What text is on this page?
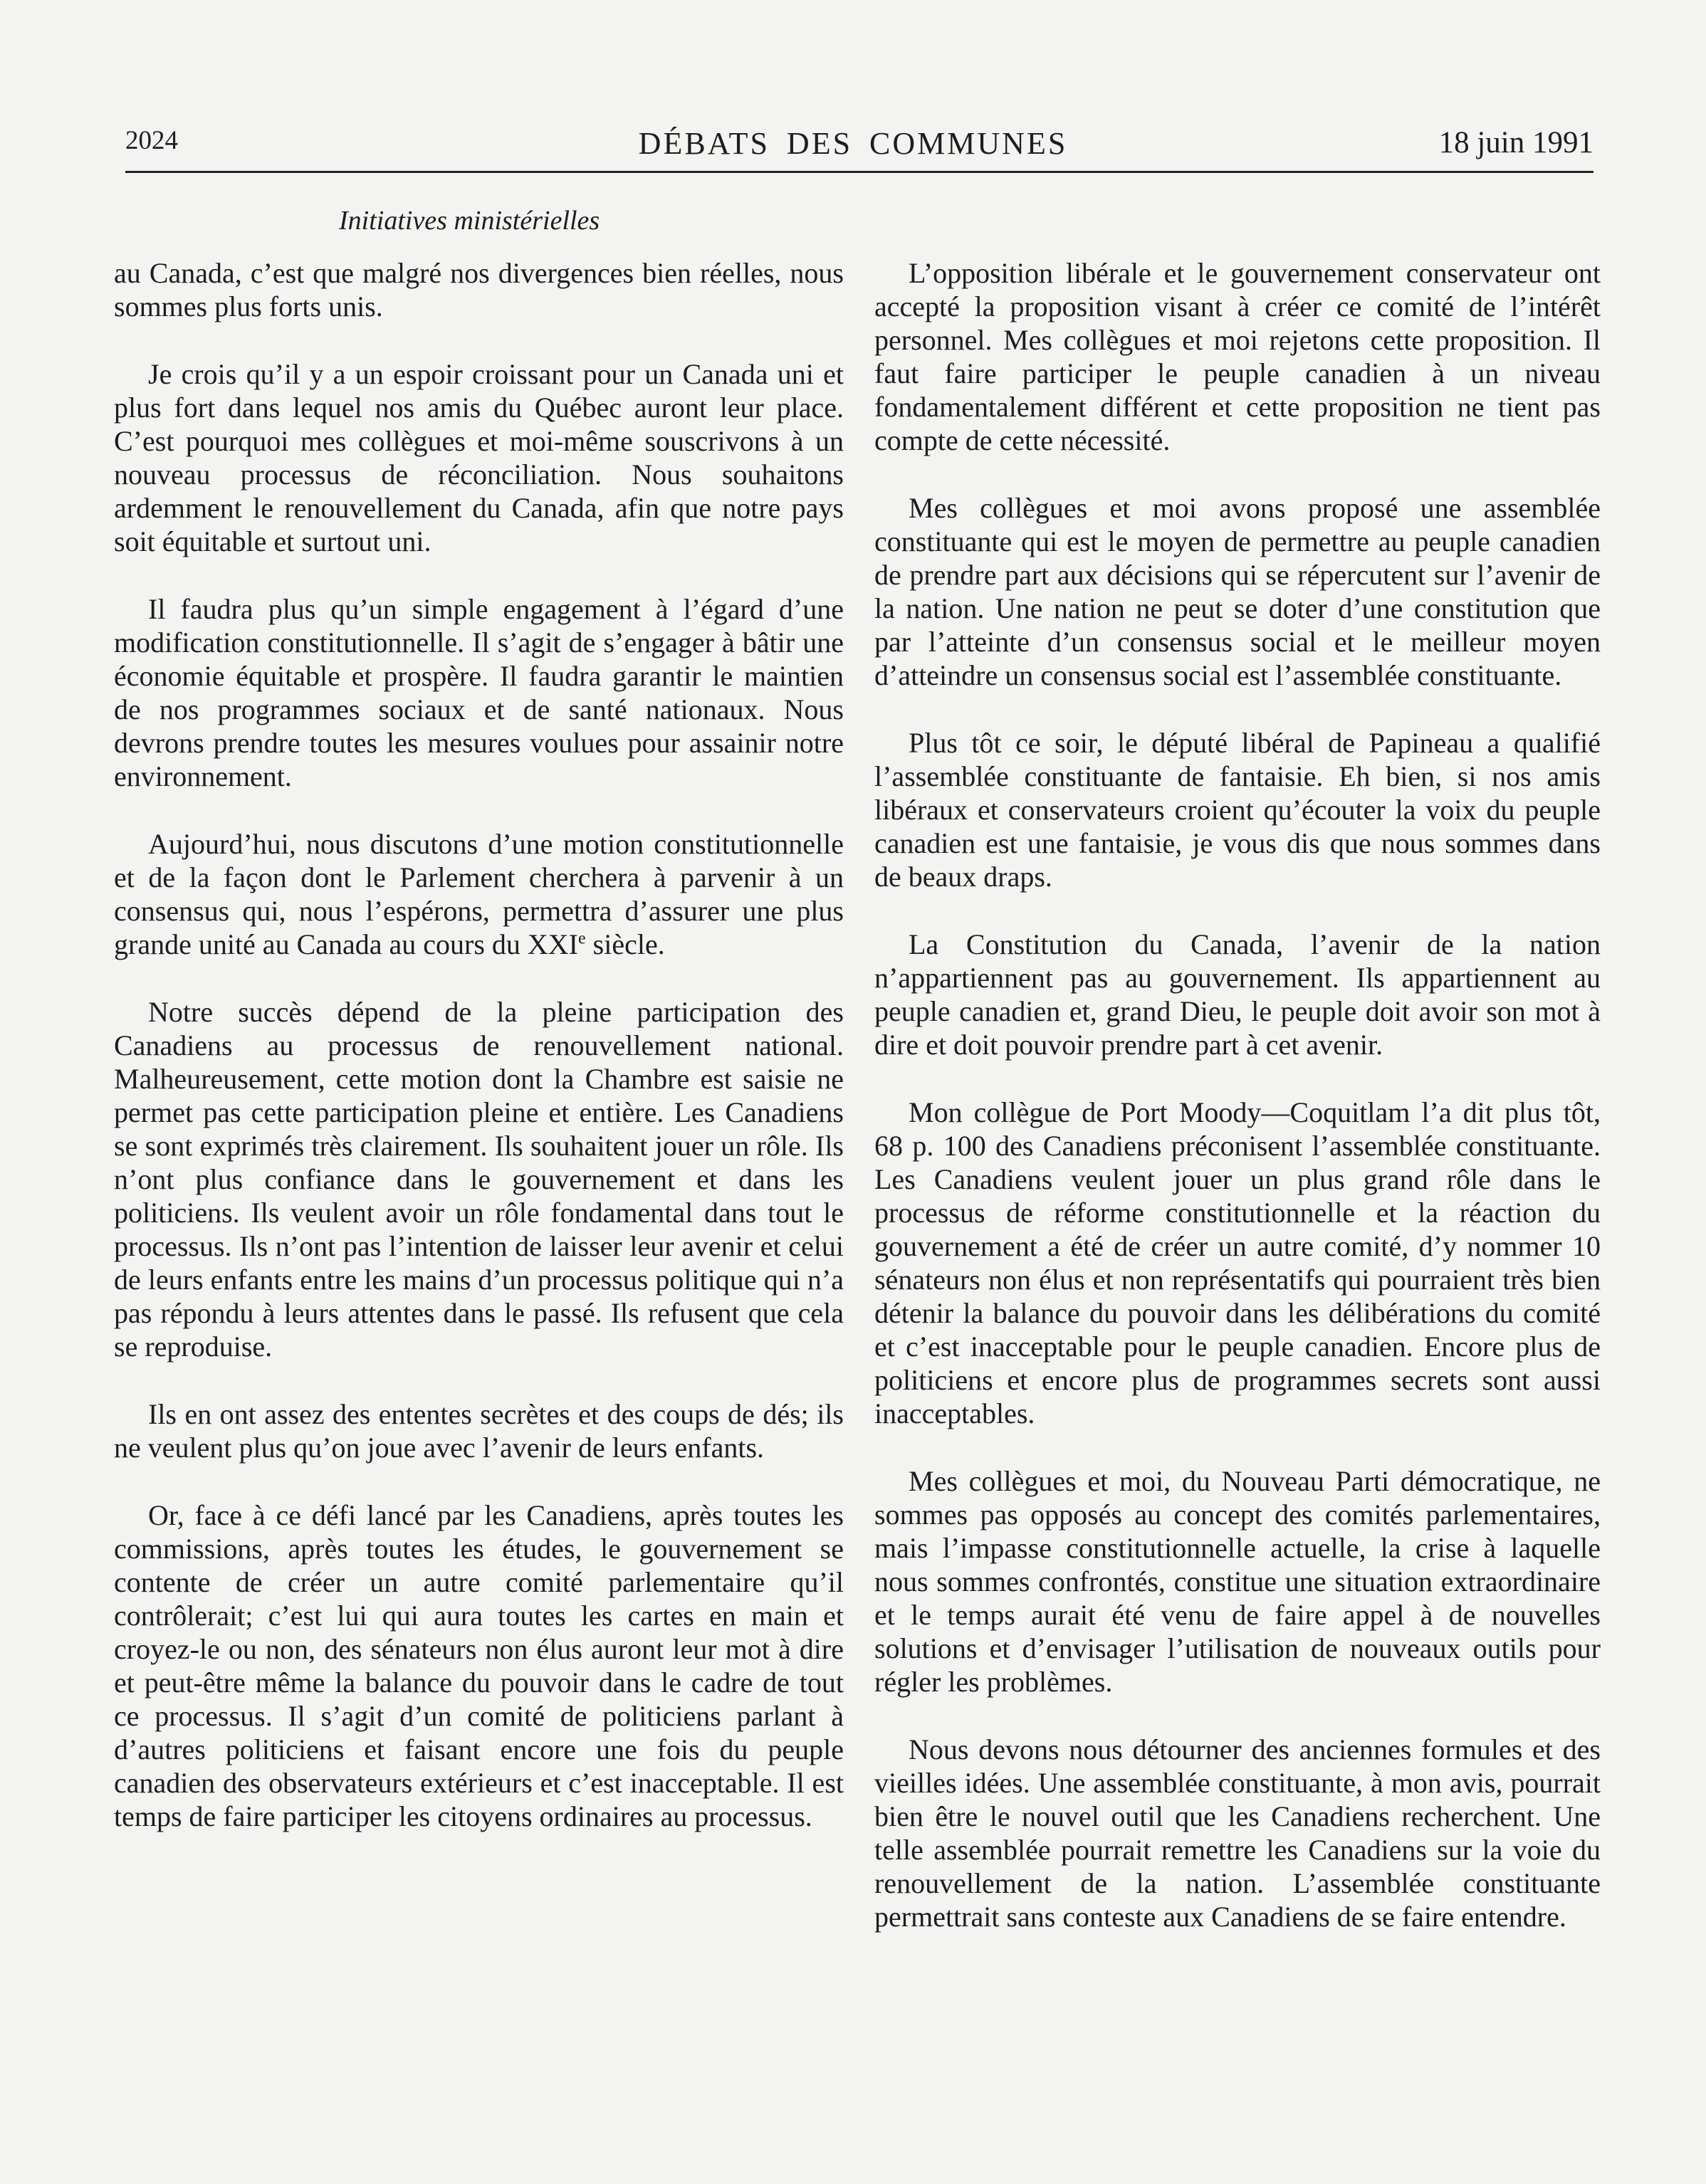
2024	DÉBATS DES COMMUNES	18 juin 1991
Initiatives ministérielles

au Canada, c’est que malgré nos divergences bien réelles, nous sommes plus forts unis.

Je crois qu’il y a un espoir croissant pour un Canada uni et plus fort dans lequel nos amis du Québec auront leur place. C’est pourquoi mes collègues et moi-même souscrivons à un nouveau processus de réconciliation. Nous souhaitons ardemment le renouvellement du Canada, afin que notre pays soit équitable et surtout uni.

Il faudra plus qu’un simple engagement à l’égard d’une modification constitutionnelle. Il s’agit de s’engager à bâtir une économie équitable et prospère. Il faudra garantir le maintien de nos programmes sociaux et de santé nationaux. Nous devrons prendre toutes les mesures voulues pour assainir notre environnement.

Aujourd’hui, nous discutons d’une motion constitutionnelle et de la façon dont le Parlement cherchera à parvenir à un consensus qui, nous l’espérons, permettra d’assurer une plus grande unité au Canada au cours du XXIe siècle.

Notre succès dépend de la pleine participation des Canadiens au processus de renouvellement national. Malheureusement, cette motion dont la Chambre est saisie ne permet pas cette participation pleine et entière. Les Canadiens se sont exprimés très clairement. Ils souhaitent jouer un rôle. Ils n’ont plus confiance dans le gouvernement et dans les politiciens. Ils veulent avoir un rôle fondamental dans tout le processus. Ils n’ont pas l’intention de laisser leur avenir et celui de leurs enfants entre les mains d’un processus politique qui n’a pas répondu à leurs attentes dans le passé. Ils refusent que cela se reproduise.

Ils en ont assez des ententes secrètes et des coups de dés; ils ne veulent plus qu’on joue avec l’avenir de leurs enfants.

Or, face à ce défi lancé par les Canadiens, après toutes les commissions, après toutes les études, le gouvernement se contente de créer un autre comité parlementaire qu’il contrôlerait; c’est lui qui aura toutes les cartes en main et croyez-le ou non, des sénateurs non élus auront leur mot à dire et peut-être même la balance du pouvoir dans le cadre de tout ce processus. Il s’agit d’un comité de politiciens parlant à d’autres politiciens et faisant encore une fois du peuple canadien des observateurs extérieurs et c’est inacceptable. Il est temps de faire participer les citoyens ordinaires au processus.

L’opposition libérale et le gouvernement conservateur ont accepté la proposition visant à créer ce comité de l’intérêt personnel. Mes collègues et moi rejetons cette proposition. Il faut faire participer le peuple canadien à un niveau fondamentalement différent et cette proposition ne tient pas compte de cette nécessité.

Mes collègues et moi avons proposé une assemblée constituante qui est le moyen de permettre au peuple canadien de prendre part aux décisions qui se répercutent sur l’avenir de la nation. Une nation ne peut se doter d’une constitution que par l’atteinte d’un consensus social et le meilleur moyen d’atteindre un consensus social est l’assemblée constituante.

Plus tôt ce soir, le député libéral de Papineau a qualifié l’assemblée constituante de fantaisie. Eh bien, si nos amis libéraux et conservateurs croient qu’écouter la voix du peuple canadien est une fantaisie, je vous dis que nous sommes dans de beaux draps.

La Constitution du Canada, l’avenir de la nation n’appartiennent pas au gouvernement. Ils appartiennent au peuple canadien et, grand Dieu, le peuple doit avoir son mot à dire et doit pouvoir prendre part à cet avenir.

Mon collègue de Port Moody—Coquitlam l’a dit plus tôt, 68 p. 100 des Canadiens préconisent l’assemblée constituante. Les Canadiens veulent jouer un plus grand rôle dans le processus de réforme constitutionnelle et la réaction du gouvernement a été de créer un autre comité, d’y nommer 10 sénateurs non élus et non représentatifs qui pourraient très bien détenir la balance du pouvoir dans les délibérations du comité et c’est inacceptable pour le peuple canadien. Encore plus de politiciens et encore plus de programmes secrets sont aussi inacceptables.

Mes collègues et moi, du Nouveau Parti démocratique, ne sommes pas opposés au concept des comités parlementaires, mais l’impasse constitutionnelle actuelle, la crise à laquelle nous sommes confrontés, constitue une situation extraordinaire et le temps aurait été venu de faire appel à de nouvelles solutions et d’envisager l’utilisation de nouveaux outils pour régler les problèmes.

Nous devons nous détourner des anciennes formules et des vieilles idées. Une assemblée constituante, à mon avis, pourrait bien être le nouvel outil que les Canadiens recherchent. Une telle assemblée pourrait remettre les Canadiens sur la voie du renouvellement de la nation. L’assemblée constituante permettrait sans conteste aux Canadiens de se faire entendre.
